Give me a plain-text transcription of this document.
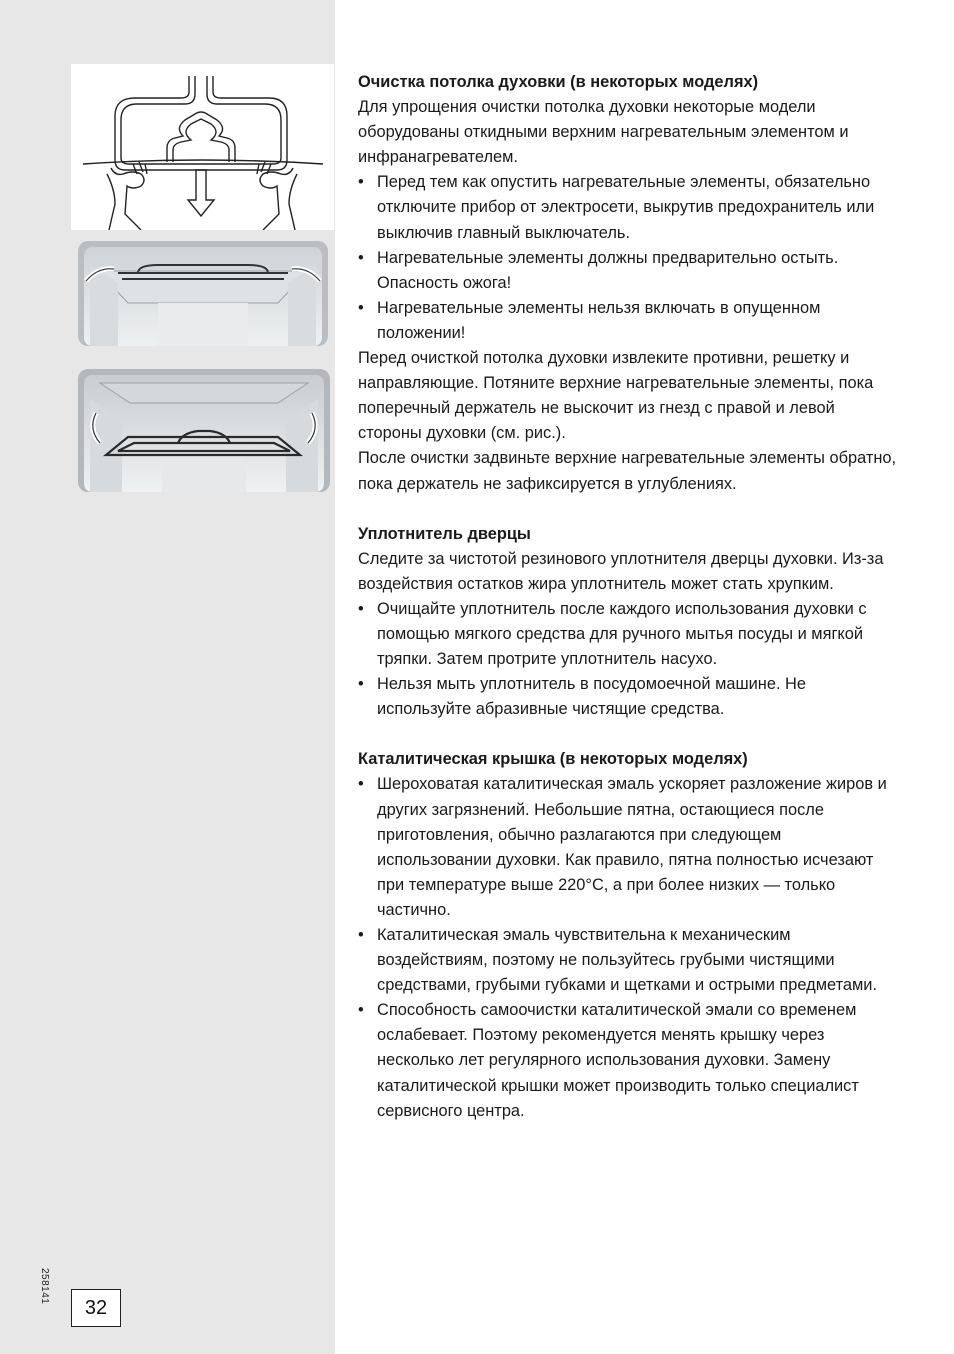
258141
32
Очистка потолка духовки (в некоторых моделях)

Для упрощения очистки потолка духовки некоторые модели оборудованы откидными верхним нагревательным элементом и инфранагревателем.

• Перед тем как опустить нагревательные элементы, обязательно отключите прибор от электросети, выкрутив предохранитель или выключив главный выключатель.
• Нагревательные элементы должны предварительно остыть. Опасность ожога!
• Нагревательные элементы нельзя включать в опущенном положении!

Перед очисткой потолка духовки извлеките противни, решетку и направляющие. Потяните верхние нагревательные элементы, пока поперечный держатель не выскочит из гнезд с правой и левой стороны духовки (см. рис.).

После очистки задвиньте верхние нагревательные элементы обратно, пока держатель не зафиксируется в углублениях.

Уплотнитель дверцы

Следите за чистотой резинового уплотнителя дверцы духовки. Из-за воздействия остатков жира уплотнитель может стать хрупким.

• Очищайте уплотнитель после каждого использования духовки с помощью мягкого средства для ручного мытья посуды и мягкой тряпки. Затем протрите уплотнитель насухо.
• Нельзя мыть уплотнитель в посудомоечной машине. Не используйте абразивные чистящие средства.
Каталитическая крышка (в некоторых моделях)
• Шероховатая каталитическая эмаль ускоряет разложение жиров и других загрязнений. Небольшие пятна, остающиеся после приготовления, обычно разлагаются при следующем использовании духовки. Как правило, пятна полностью исчезают при температуре выше 220°C, а при более низких — только частично.
• Каталитическая эмаль чувствительна к механическим воздействиям, поэтому не пользуйтесь грубыми чистящими средствами, грубыми губками и щетками и острыми предметами.
• Способность самоочистки каталитической эмали со временем ослабевает. Поэтому рекомендуется менять крышку через несколько лет регулярного использования духовки. Замену каталитической крышки может производить только специалист сервисного центра.
